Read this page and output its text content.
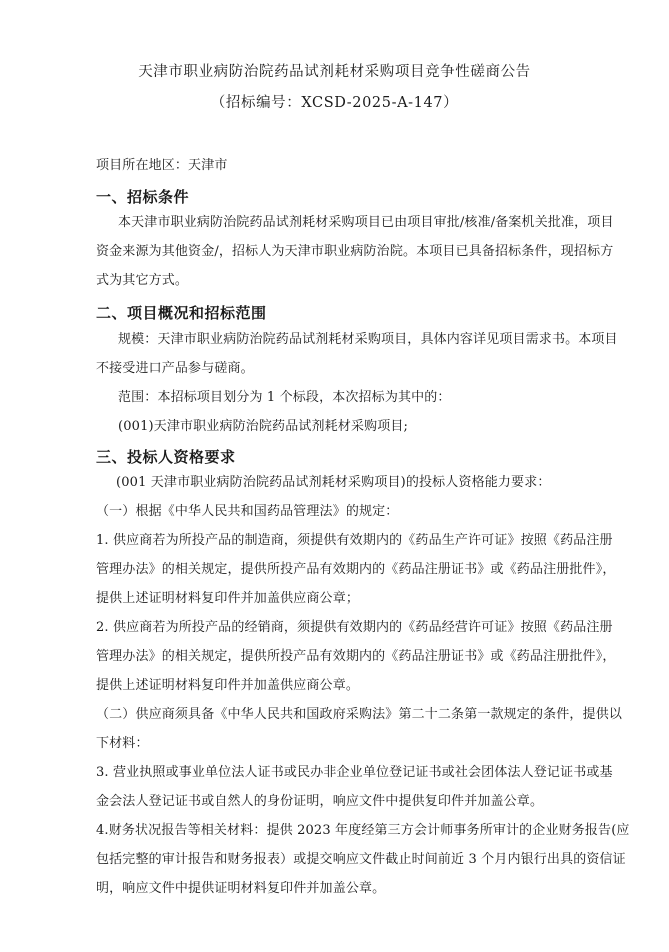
天津市职业病防治院药品试剂耗材采购项目竞争性磋商公告
（招标编号：XCSD-2025-A-147）
项目所在地区：天津市
一、招标条件
本天津市职业病防治院药品试剂耗材采购项目已由项目审批/核准/备案机关批准，项目
资金来源为其他资金/，招标人为天津市职业病防治院。本项目已具备招标条件，现招标方
式为其它方式。
二、项目概况和招标范围
规模：天津市职业病防治院药品试剂耗材采购项目，具体内容详见项目需求书。本项目
不接受进口产品参与磋商。
范围：本招标项目划分为 1 个标段，本次招标为其中的：
(001)天津市职业病防治院药品试剂耗材采购项目;
三、投标人资格要求
(001 天津市职业病防治院药品试剂耗材采购项目)的投标人资格能力要求：
（一）根据《中华人民共和国药品管理法》的规定：
1. 供应商若为所投产品的制造商，须提供有效期内的《药品生产许可证》按照《药品注册
管理办法》的相关规定，提供所投产品有效期内的《药品注册证书》或《药品注册批件》，
提供上述证明材料复印件并加盖供应商公章；
2. 供应商若为所投产品的经销商，须提供有效期内的《药品经营许可证》按照《药品注册
管理办法》的相关规定，提供所投产品有效期内的《药品注册证书》或《药品注册批件》，
提供上述证明材料复印件并加盖供应商公章。
（二）供应商须具备《中华人民共和国政府采购法》第二十二条第一款规定的条件，提供以
下材料：
3. 营业执照或事业单位法人证书或民办非企业单位登记证书或社会团体法人登记证书或基
金会法人登记证书或自然人的身份证明，响应文件中提供复印件并加盖公章。
4.财务状况报告等相关材料：提供 2023 年度经第三方会计师事务所审计的企业财务报告(应
包括完整的审计报告和财务报表）或提交响应文件截止时间前近 3 个月内银行出具的资信证
明，响应文件中提供证明材料复印件并加盖公章。
